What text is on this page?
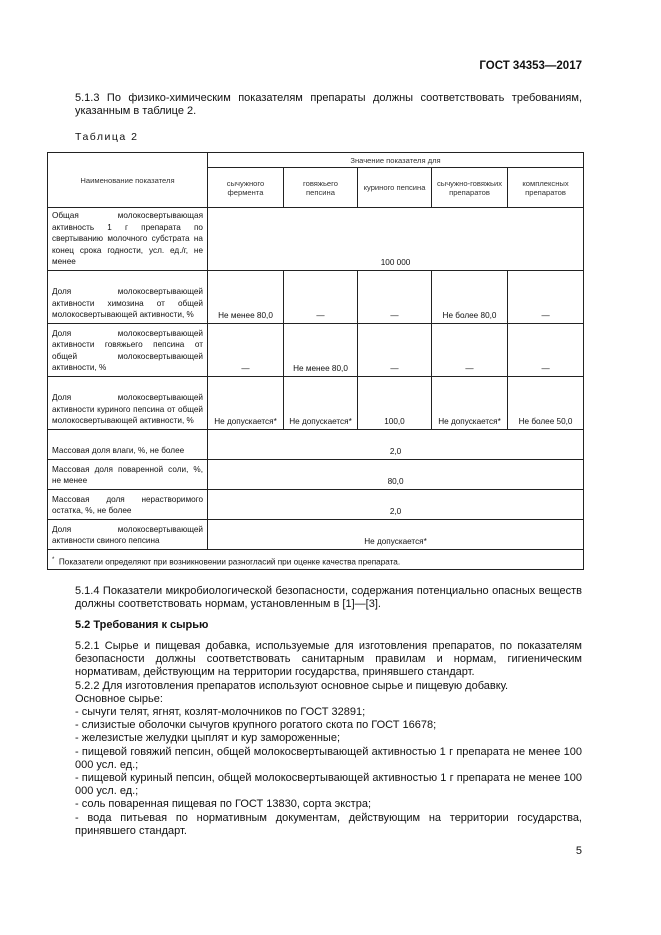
ГОСТ 34353—2017
5.1.3 По физико-химическим показателям препараты должны соответствовать требованиям, указанным в таблице 2.
Таблица 2
Наименование показателя	Значение показателя для				
	сычужного фермента	говяжьего пепсина	куриного пепсина	сычужно-говяжьих препаратов	комплексных препаратов
Общая молокосвертывающая активность 1 г препарата по свертыванию молочного субстрата на конец срока годности, усл. ед./г, не менее	100 000				
Доля молокосвертывающей активности химозина от общей молокосвертывающей активности, %	Не менее 80,0	—	—	Не более 80,0	—
Доля молокосвертывающей активности говяжьего пепсина от общей молокосвертывающей активности, %	—	Не менее 80,0	—	—	—
Доля молокосвертывающей активности куриного пепсина от общей молокосвертывающей активности, %	Не допускается*	Не допускается*	100,0	Не допускается*	Не более 50,0
Массовая доля влаги, %, не более	2,0				
Массовая доля поваренной соли, %, не менее	80,0				
Массовая доля нерастворимого остатка, %, не более	2,0				
Доля молокосвертывающей активности свиного пепсина	Не допускается*				
* Показатели определяют при возникновении разногласий при оценке качества препарата.					
5.1.4 Показатели микробиологической безопасности, содержания потенциально опасных веществ должны соответствовать нормам, установленным в [1]—[3].
5.2 Требования к сырью
5.2.1 Сырье и пищевая добавка, используемые для изготовления препаратов, по показателям безопасности должны соответствовать санитарным правилам и нормам, гигиеническим нормативам, действующим на территории государства, принявшего стандарт.
5.2.2 Для изготовления препаратов используют основное сырье и пищевую добавку.
Основное сырье:
- сычуги телят, ягнят, козлят-молочников по ГОСТ 32891;
- слизистые оболочки сычугов крупного рогатого скота по ГОСТ 16678;
- железистые желудки цыплят и кур замороженные;
- пищевой говяжий пепсин, общей молокосвертывающей активностью 1 г препарата не менее 100 000 усл. ед.;
- пищевой куриный пепсин, общей молокосвертывающей активностью 1 г препарата не менее 100 000 усл. ед.;
- соль поваренная пищевая по ГОСТ 13830, сорта экстра;
- вода питьевая по нормативным документам, действующим на территории государства, принявшего стандарт.
5
